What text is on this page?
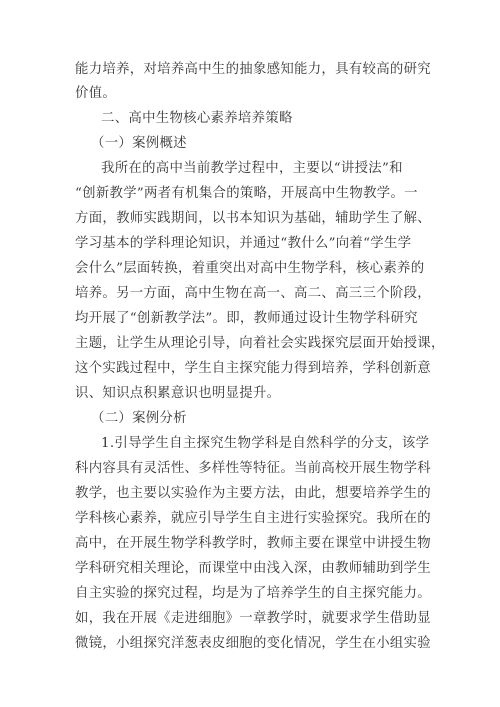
能力培养，对培养高中生的抽象感知能力，具有较高的研究
价值。
二、高中生物核心素养培养策略
（一）案例概述
我所在的高中当前教学过程中，主要以“讲授法”和
“创新教学”两者有机集合的策略，开展高中生物教学。一
方面，教师实践期间，以书本知识为基础，辅助学生了解、
学习基本的学科理论知识，并通过“教什么”向着“学生学
会什么”层面转换，着重突出对高中生物学科，核心素养的
培养。另一方面，高中生物在高一、高二、高三三个阶段，
均开展了“创新教学法”。即，教师通过设计生物学科研究
主题，让学生从理论引导，向着社会实践探究层面开始授课，
这个实践过程中，学生自主探究能力得到培养，学科创新意
识、知识点积累意识也明显提升。
（二）案例分析
1.引导学生自主探究生物学科是自然科学的分支，该学
科内容具有灵活性、多样性等特征。当前高校开展生物学科
教学，也主要以实验作为主要方法，由此，想要培养学生的
学科核心素养，就应引导学生自主进行实验探究。我所在的
高中，在开展生物学科教学时，教师主要在课堂中讲授生物
学科研究相关理论，而课堂中由浅入深，由教师辅助到学生
自主实验的探究过程，均是为了培养学生的自主探究能力。
如，我在开展《走进细胞》一章教学时，就要求学生借助显
微镜，小组探究洋葱表皮细胞的变化情况，学生在小组实验
